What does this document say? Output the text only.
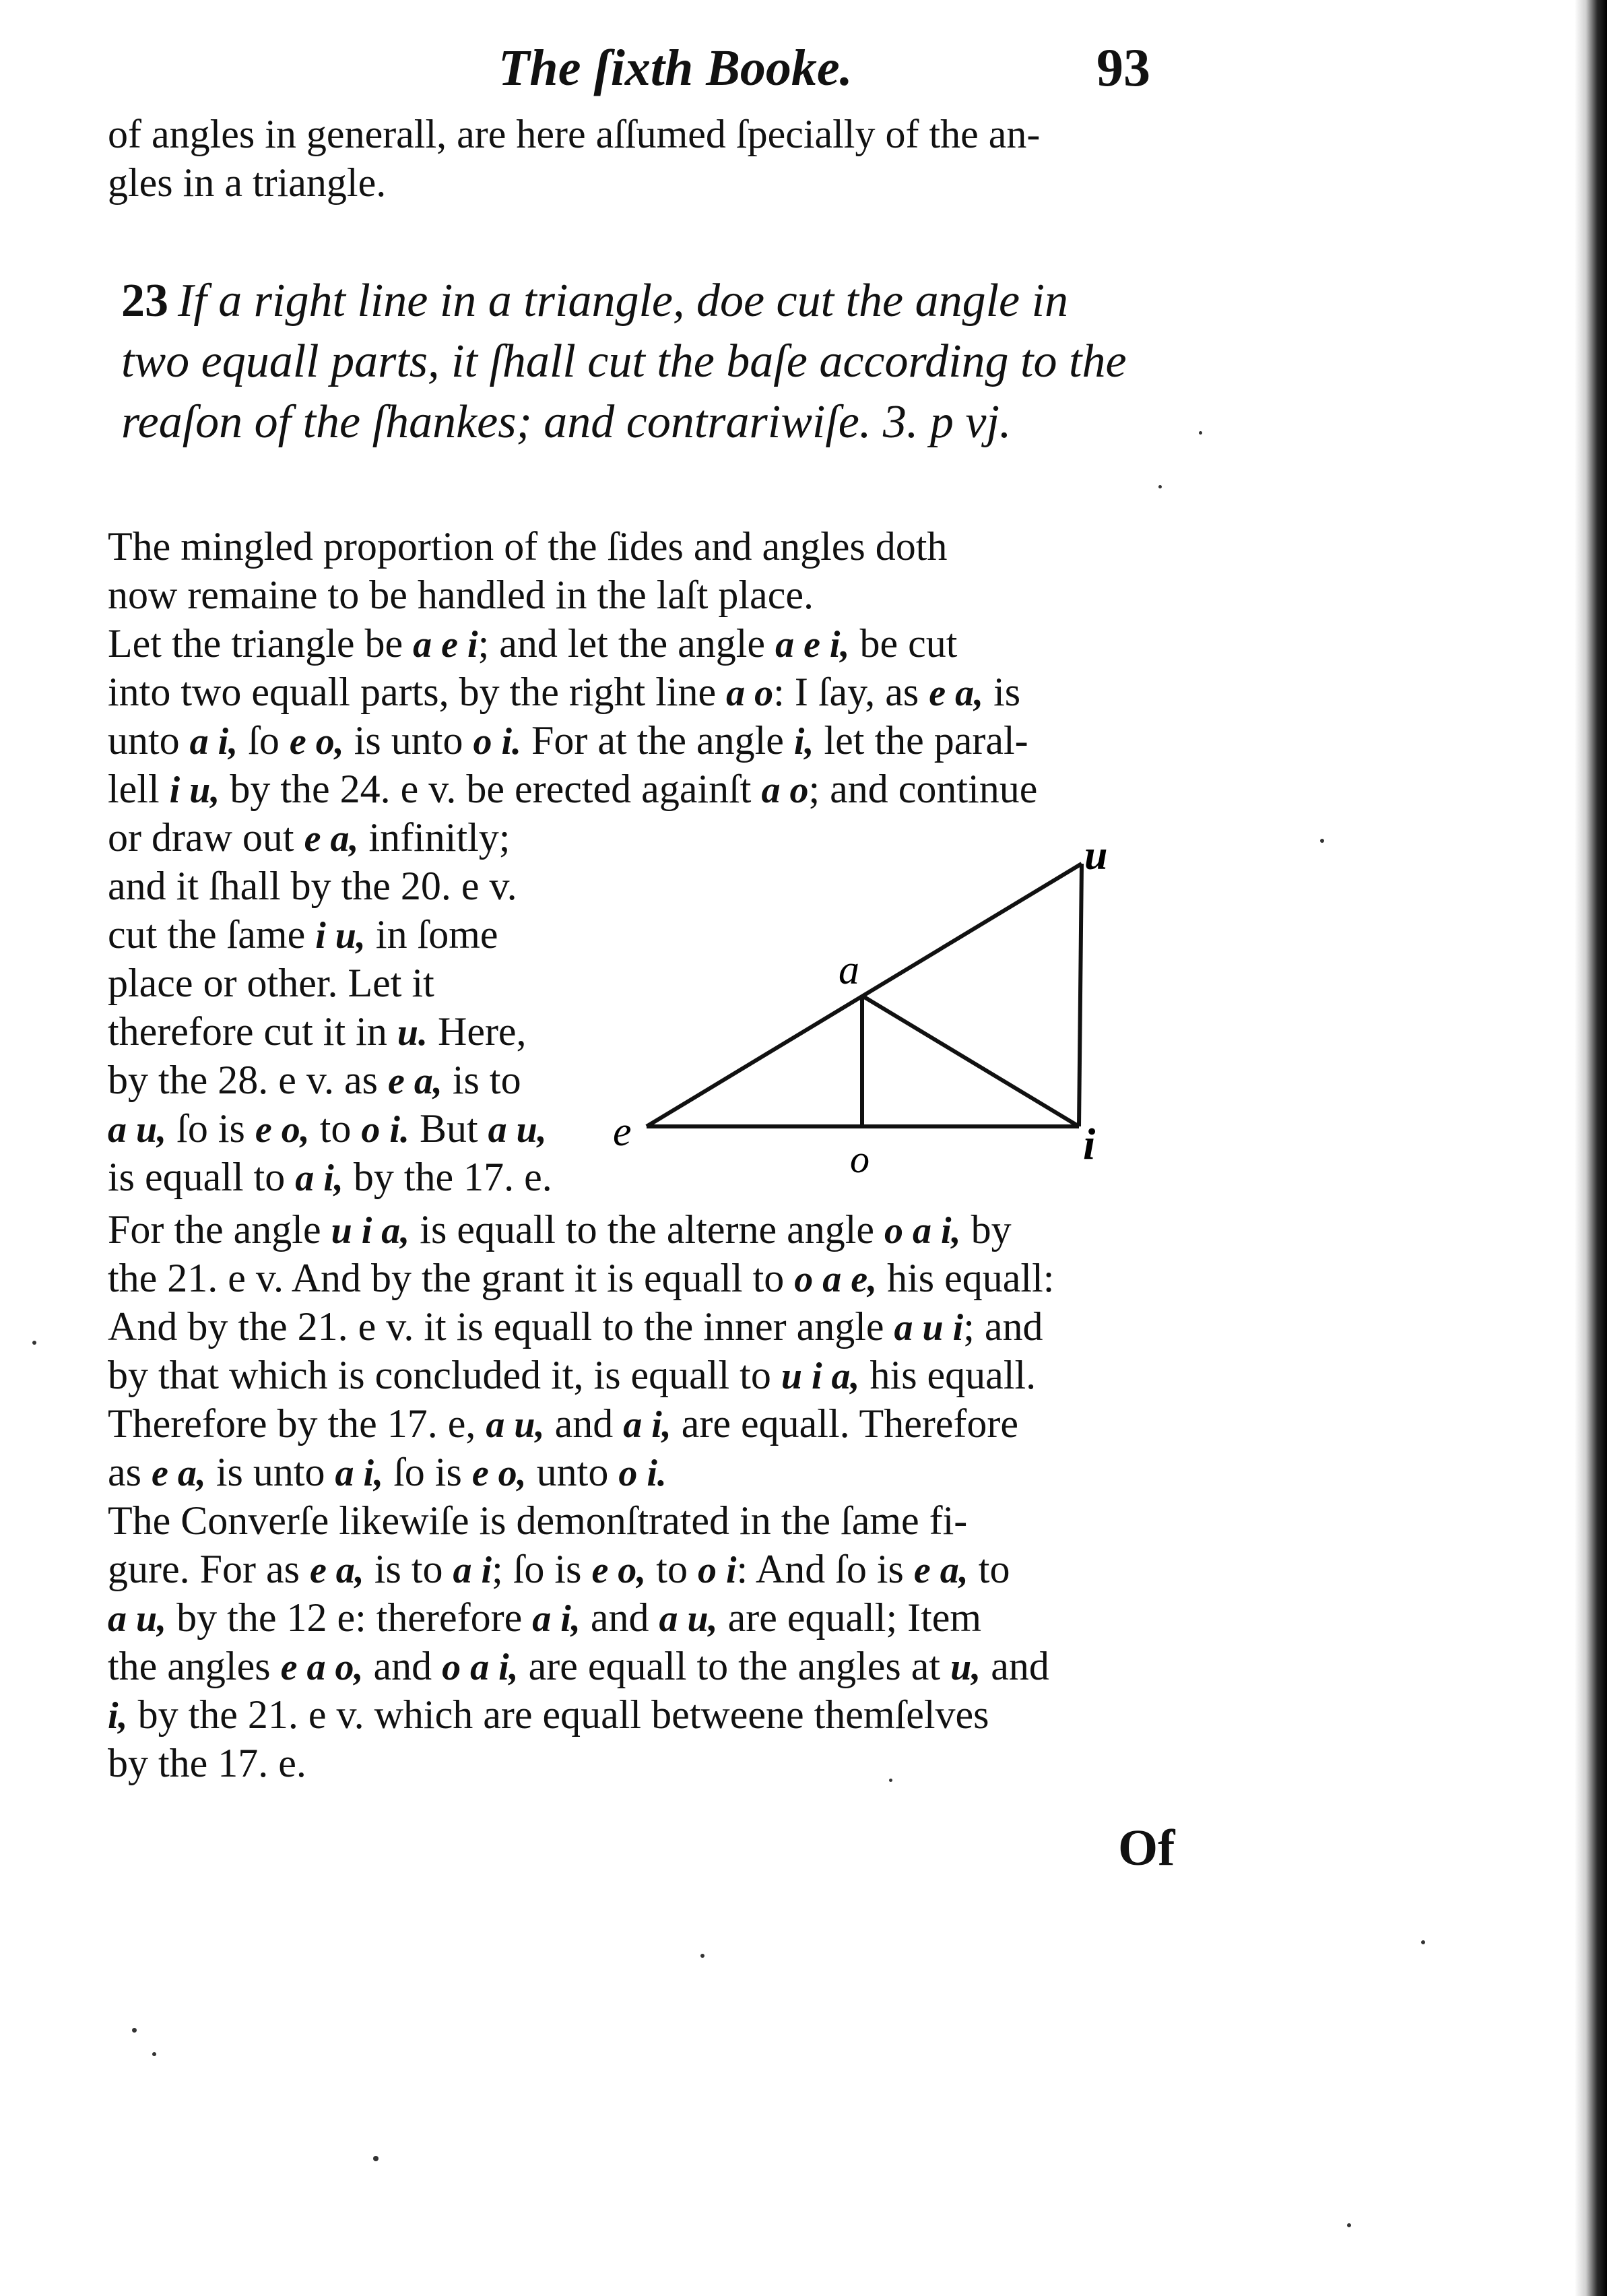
The ſixth Booke.	93
of angles in generall, are here aſſumed ſpecially of the an-
gles in a triangle.
23 If a right line in a triangle, doe cut the angle in
two equall parts, it ſhall cut the baſe according to the
reaſon of the ſhankes; and contrariwiſe. 3. p vj.
The mingled proportion of the ſides and angles doth
now remaine to be handled in the laſt place.
Let the triangle be a e i; and let the angle a e i, be cut
into two equall parts, by the right line a o: I ſay, as e a, is
unto a i, ſo e o, is unto o i. For at the angle i, let the paral-
lell i u, by the 24. e v. be erected againſt a o; and continue
or draw out e a, infinitly;
and it ſhall by the 20. e v.
cut the ſame i u, in ſome
place or other. Let it
therefore cut it in u. Here,
by the 28. e v. as e a, is to
a u, ſo is e o, to o i. But a u,
is equall to a i, by the 17. e.
For the angle u i a, is equall to the alterne angle o a i, by
the 21. e v. And by the grant it is equall to o a e, his equall:
And by the 21. e v. it is equall to the inner angle a u i; and
by that which is concluded it, is equall to u i a, his equall.
Therefore by the 17. e, a u, and a i, are equall. Therefore
as e a, is unto a i, ſo is e o, unto o i.
The Converſe likewiſe is demonſtrated in the ſame fi-
gure. For as e a, is to a i; ſo is e o, to o i: And ſo is e a, to
a u, by the 12 e: therefore a i, and a u, are equall; Item
the angles e a o, and o a i, are equall to the angles at u, and
i, by the 21. e v. which are equall betweene themſelves
by the 17. e.
e
a
u
o	i
Of
